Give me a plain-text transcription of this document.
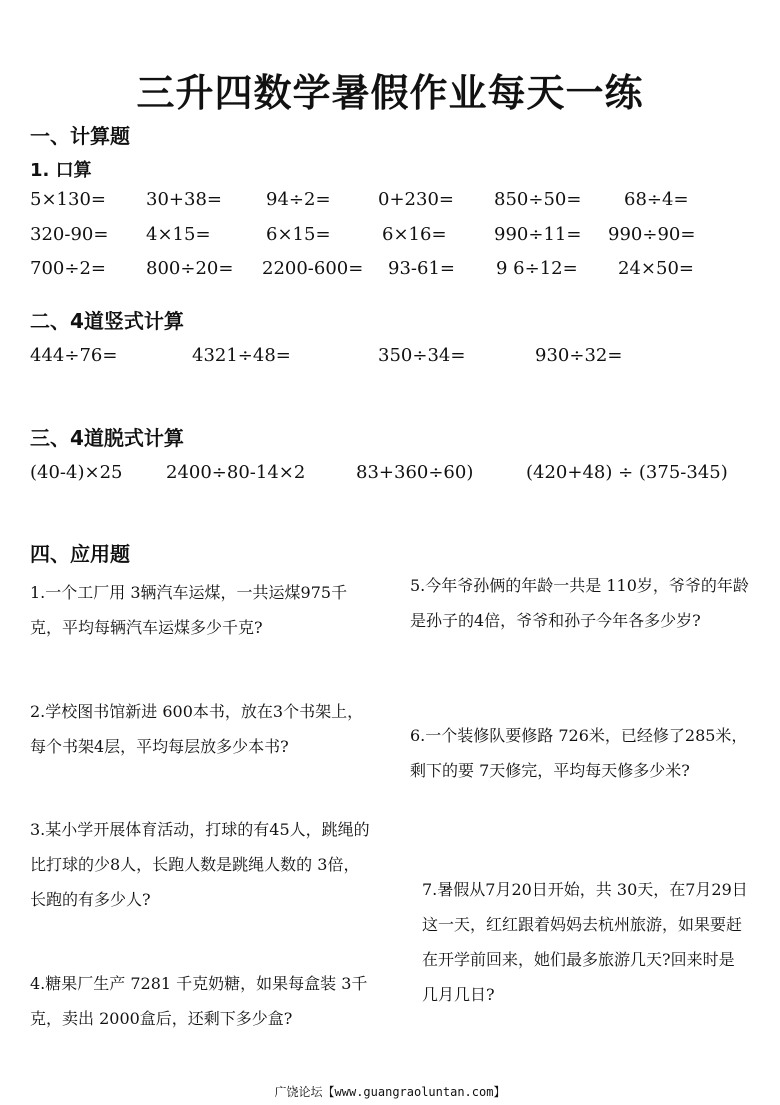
三升四数学暑假作业每天一练
一、计算题
1. 口算
5×130= 30+38= 94÷2=	0+230= 850÷50= 68÷4=
320-90= 4×15=	6×15=	6×16=	990÷11= 990÷90=
700÷2= 800÷20= 2200-600= 93-61= 9 6÷12= 24×50=
二、4道竖式计算
444÷76=	4321÷48=	350÷34=	930÷32=
三、4道脱式计算
(40-4)×25 2400÷80-14×2	83+360÷60)	(420+48) ÷ (375-345)
四、应用题
1.一个工厂用 3辆汽车运煤，一共运煤975千克，平均每辆汽车运煤多少千克?
2.学校图书馆新进 600本书，放在3个书架上，每个书架4层，平均每层放多少本书?
3.某小学开展体育活动，打球的有45人，跳绳的比打球的少8人，长跑人数是跳绳人数的 3倍，长跑的有多少人?
4.糖果厂生产 7281 千克奶糖，如果每盒装 3千克，卖出 2000盒后，还剩下多少盒?
5.今年爷孙俩的年龄一共是 110岁，爷爷的年龄是孙子的4倍，爷爷和孙子今年各多少岁?
6.一个装修队要修路 726米，已经修了285米，剩下的要 7天修完，平均每天修多少米?
7.暑假从7月20日开始，共 30天，在7月29日这一天，红红跟着妈妈去杭州旅游，如果要赶在开学前回来，她们最多旅游几天?回来时是几月几日?
广饶论坛【www.guangraoluntan.com】
